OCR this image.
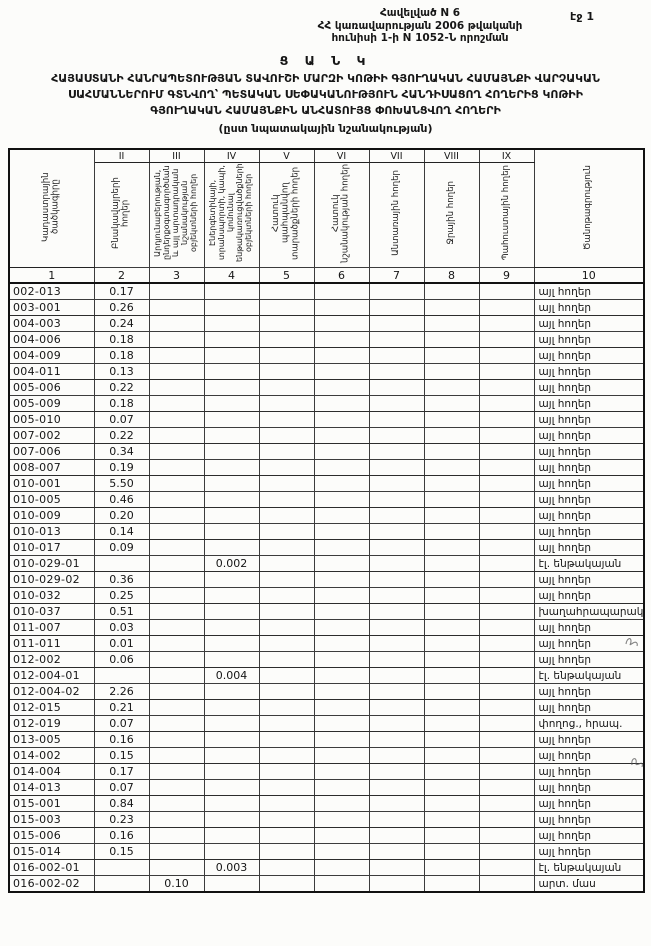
Հավելված N 6
ՀՀ կառավարության 2006 թվականի
հունիսի 1-ի N 1052-Ն որոշման
էջ 1
Ց Ա Ն Կ
ՀԱՅԱՍՏԱՆԻ ՀԱՆՐԱՊԵՏՈՒԹՅԱՆ ՏԱՎՈՒՇԻ ՄԱՐԶԻ ԿՈԹԻԻ ԳՅՈՒՂԱԿԱՆ ՀԱՄԱՅՆՔԻ ՎԱՐՉԱԿԱՆ
ՍԱՀՄԱՆՆԵՐՈՒՄ ԳՏՆՎՈՂ՝ ՊԵՏԱԿԱՆ ՍԵՓԱԿԱՆՈՒԹՅՈՒՆ ՀԱՆԴԻՍԱՑՈՂ ՀՈՂԵՐԻՑ ԿՈԹԻԻ
ԳՅՈՒՂԱԿԱՆ ՀԱՄԱՅՆՔԻՆ ԱՆՀԱՏՈՒՅՑ ՓՈԽԱՆՑՎՈՂ ՀՈՂԵՐԻ
(ըստ նպատակային նշանակության)
Կադաստրային ծածկագիրը	II	III	IV	V	VI	VII	VIII	IX	Ծանոթագրություն
	Բնակավայրերի հողեր	Արդյունաբերության, ընդերքօգտագործման և այլ արտադրական նշանակության օբյեկտների հողեր	Էներգետիկայի, տրանսպորտի, կապի, կոմունալ ենթակառուցվածքների օբյեկտների հողեր	Հատուկ պահպանվող տարածքների հողեր	Հատուկ նշանակության հողեր	Անտառային հողեր	Ջրային հողեր	Պահուստային հողեր	
1	2	3	4	5	6	7	8	9	10
002-013	0.17								այլ հողեր
003-001	0.26								այլ հողեր
004-003	0.24								այլ հողեր
004-006	0.18								այլ հողեր
004-009	0.18								այլ հողեր
004-011	0.13								այլ հողեր
005-006	0.22								այլ հողեր
005-009	0.18								այլ հողեր
005-010	0.07								այլ հողեր
007-002	0.22								այլ հողեր
007-006	0.34								այլ հողեր
008-007	0.19								այլ հողեր
010-001	5.50								այլ հողեր
010-005	0.46								այլ հողեր
010-009	0.20								այլ հողեր
010-013	0.14								այլ հողեր
010-017	0.09								այլ հողեր
010-029-01			0.002						էլ. ենթակայան
010-029-02	0.36								այլ հողեր
010-032	0.25								այլ հողեր
010-037	0.51								խաղահրապարակ
011-007	0.03								այլ հողեր
011-011	0.01								այլ հողեր
012-002	0.06								այլ հողեր
012-004-01			0.004						էլ. ենթակայան
012-004-02	2.26								այլ հողեր
012-015	0.21								այլ հողեր
012-019	0.07								փողոց., հրապ.
013-005	0.16								այլ հողեր
014-002	0.15								այլ հողեր
014-004	0.17								այլ հողեր
014-013	0.07								այլ հողեր
015-001	0.84								այլ հողեր
015-003	0.23								այլ հողեր
015-006	0.16								այլ հողեր
015-014	0.15								այլ հողեր
016-002-01			0.003						էլ. ենթակայան
016-002-02		0.10							արտ. մաս
